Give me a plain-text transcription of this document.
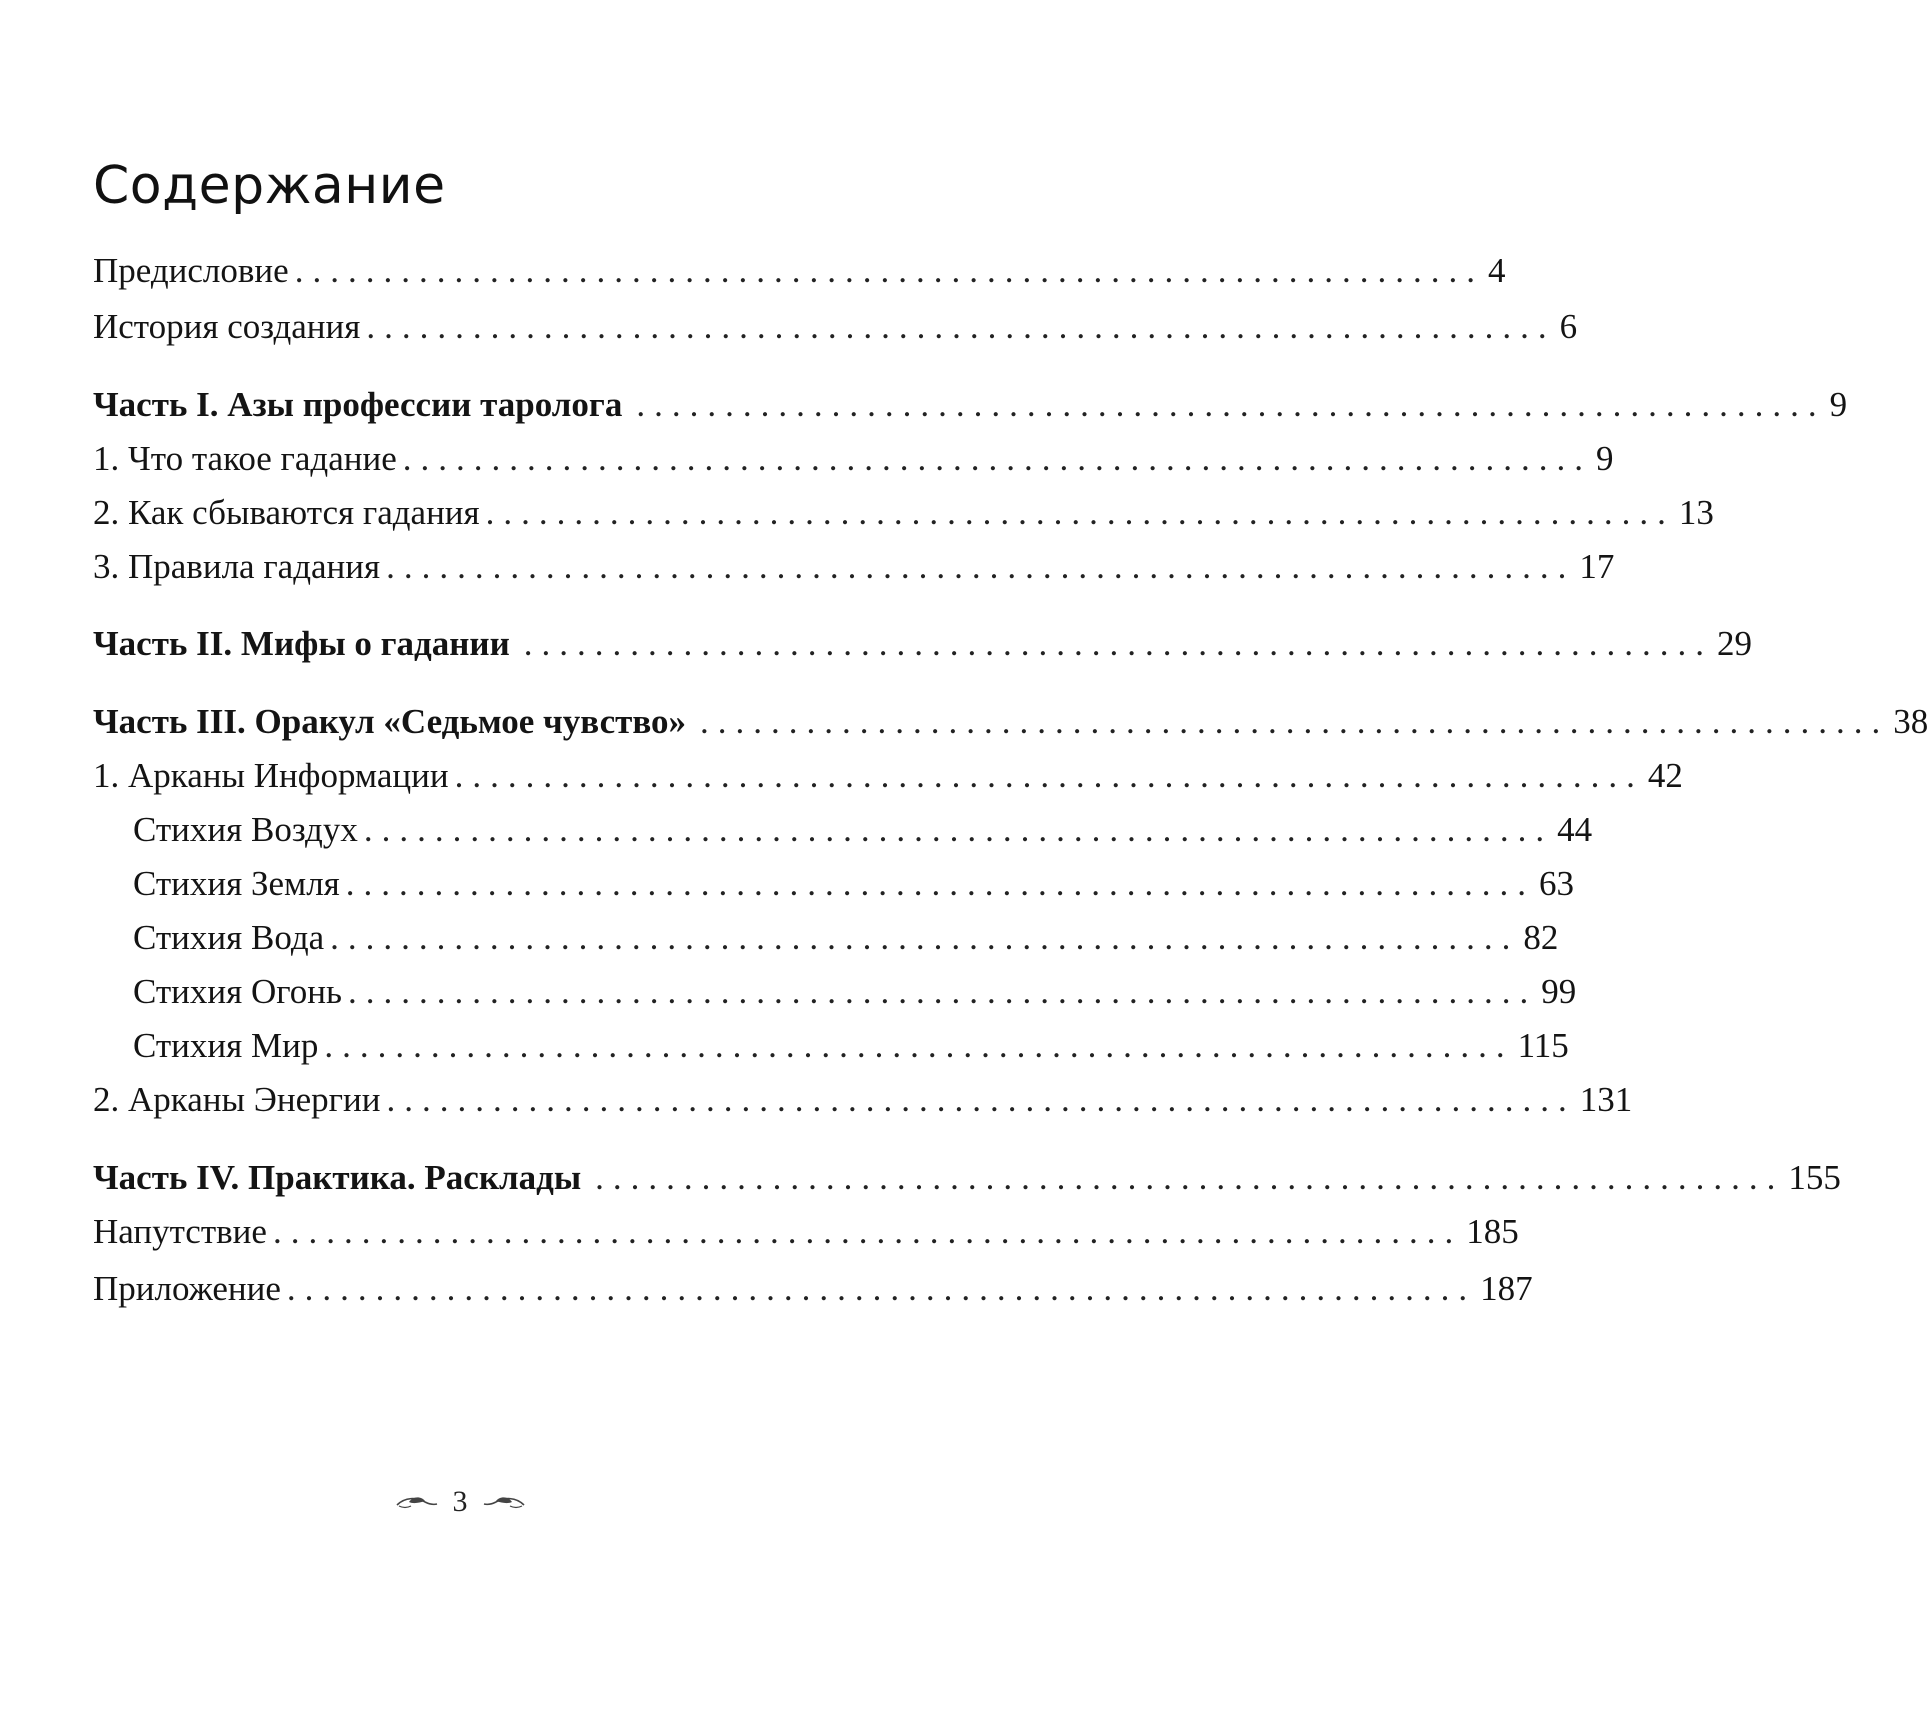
Содержание
Предисловие ................................................................... 4
История создания ................................................................... 6
Часть I. Азы профессии таролога ................................................................... 9
1. Что такое гадание ................................................................... 9
2. Как сбываются гадания ................................................................... 13
3. Правила гадания ................................................................... 17
Часть II. Мифы о гадании ................................................................... 29
Часть III. Оракул «Седьмое чувство» ................................................................... 38
1. Арканы Информации ................................................................... 42
Стихия Воздух ................................................................... 44
Стихия Земля ................................................................... 63
Стихия Вода ................................................................... 82
Стихия Огонь ................................................................... 99
Стихия Мир ................................................................... 115
2. Арканы Энергии ................................................................... 131
Часть IV. Практика. Расклады ................................................................... 155
Напутствие ................................................................... 185
Приложение ................................................................... 187
3
